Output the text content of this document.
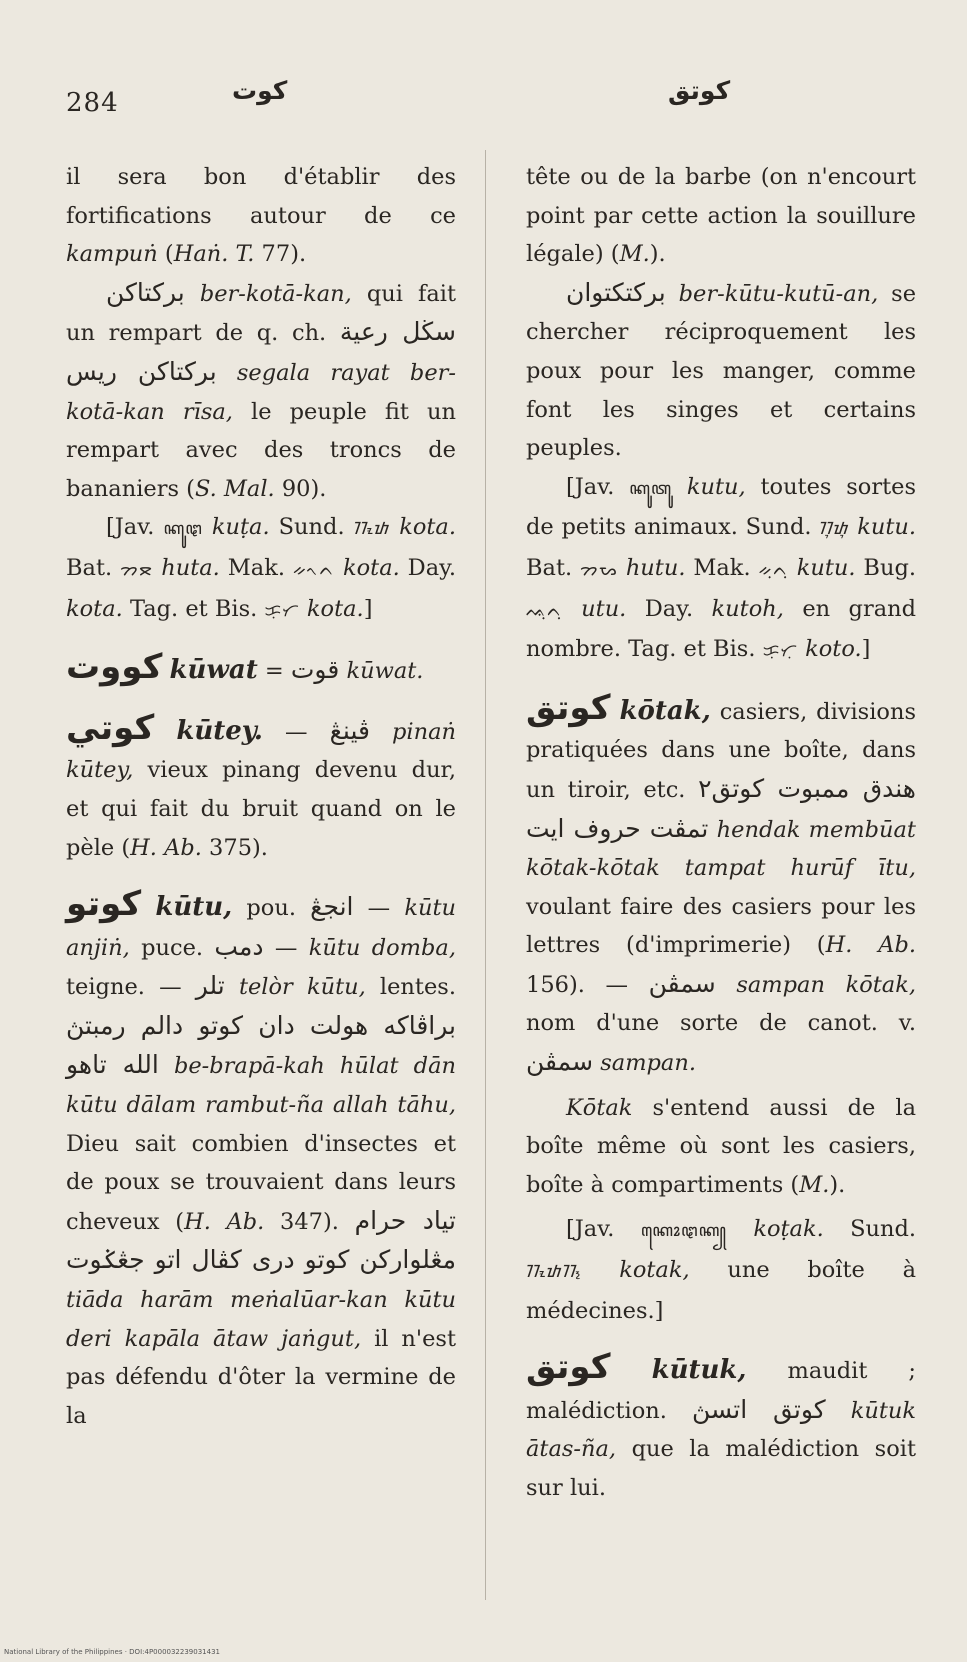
284	كوت	كوتق

il sera bon d'établir des fortifications autour de ce kampuṅ (Haṅ. T. 77).

بركتاكن ber-kotā-kan, qui fait un rempart de q. ch. سڬل رعية بركتاكن ريس segala rayat ber-kotā-kan rīsa, le peuple fit un rempart avec des troncs de bananiers (S. Mal. 90).

[Jav. ꦏꦸꦛ kuṭa. Sund. ᮊᮧᮒ kota. Bat. ᯂᯖ huta. Mak. ᨀᨚᨈ kota. Day. kota. Tag. et Bis. ᜃᜓᜆ kota.]

كووت kūwat = قوت kūwat.

كوتي kūtey. — ڤينڠ pinaṅ kūtey, vieux pinang devenu dur, et qui fait du bruit quand on le pèle (H. Ab. 375).

كوتو kūtu, pou. انجڠ — kūtu anjiṅ, puce. دمب — kūtu domba, teigne. — تلر telòr kūtu, lentes. براڤاكه هولت دان كوتو دالم رمبتڽ الله تاهو be-brapā-kah hūlat dān kūtu dālam rambut-ña allah tāhu, Dieu sait combien d'insectes et de poux se trouvaient dans leurs cheveux (H. Ab. 347). تياد حرام مڠلواركن كوتو درى كڤال اتو جڠݢوت tiāda harām meṅalūar-kan kūtu deri kapāla ātaw jaṅgut, il n'est pas défendu d'ôter la vermine de la

tête ou de la barbe (on n'encourt point par cette action la souillure légale) (M.).

بركتكتوان ber-kūtu-kutū-an, se chercher réciproquement les poux pour les manger, comme font les singes et certains peuples.

[Jav. ꦏꦸꦠꦸ kutu, toutes sortes de petits animaux. Sund. ᮊᮥᮒᮥ kutu. Bat. ᯂᯗ hutu. Mak. ᨀᨘᨈᨘ kutu. Bug. ᨕᨘᨈᨘ utu. Day. kutoh, en grand nombre. Tag. et Bis. ᜃᜓᜆᜓ koto.]

كوتق kōtak, casiers, divisions pratiquées dans une boîte, dans un tiroir, etc. هندق ممبوت كوتق٢ تمڤت حروف ايت hendak membūat kōtak-kōtak tampat hurūf ītu, voulant faire des casiers pour les lettres (d'imprimerie) (H. Ab. 156). — سمڤن sampan kōtak, nom d'une sorte de canot. v. سمڤن sampan.

Kōtak s'entend aussi de la boîte même où sont les casiers, boîte à compartiments (M.).

[Jav. ꦏꦺꦴꦛꦏ꧀ koṭak. Sund. ᮊᮧᮒᮊ᮪ kotak, une boîte à médecines.]

كوتق kūtuk, maudit ; malédiction. كوتق اتسڽ kūtuk ātas-ña, que la malédiction soit sur lui.

National Library of the Philippines · DOI:4P000032239031431
